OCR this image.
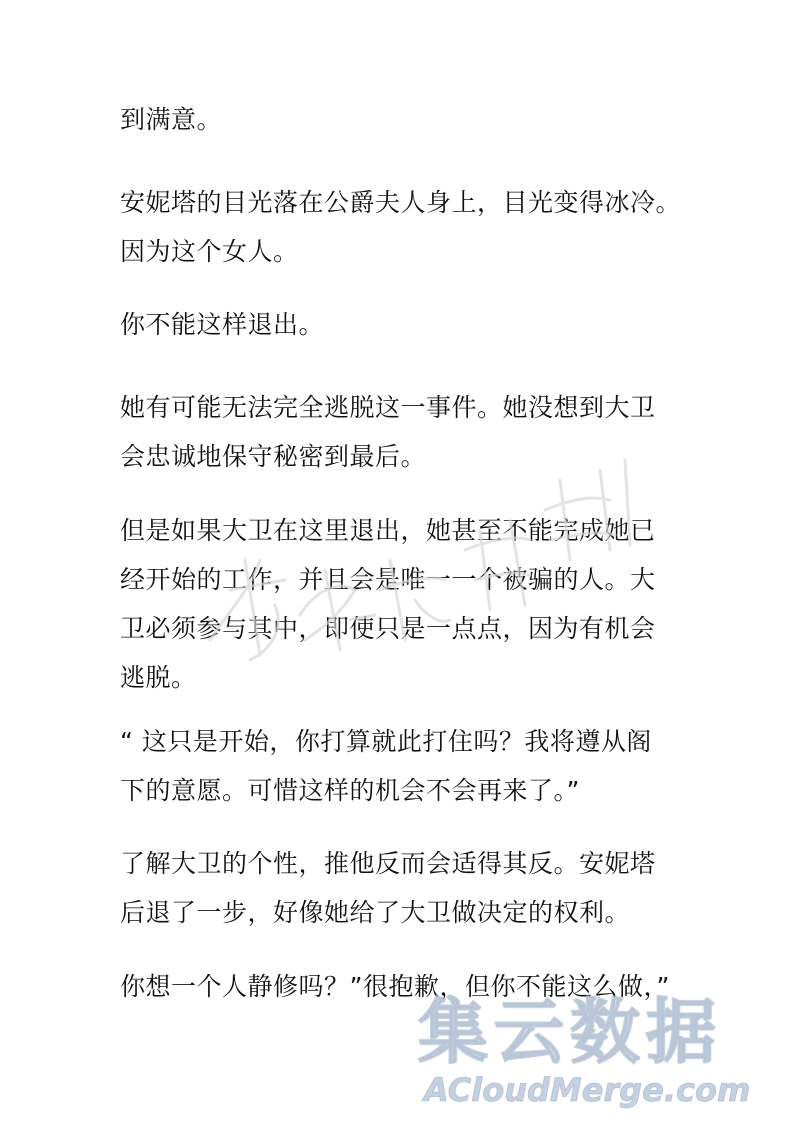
到满意。

安妮塔的目光落在公爵夫人身上，目光变得冰冷。
因为这个女人。

你不能这样退出。

她有可能无法完全逃脱这一事件。她没想到大卫
会忠诚地保守秘密到最后。

但是如果大卫在这里退出，她甚至不能完成她已
经开始的工作，并且会是唯一一个被骗的人。大
卫必须参与其中，即使只是一点点，因为有机会
逃脱。

“ 这只是开始，你打算就此打住吗？我将遵从阁
下的意愿。可惜这样的机会不会再来了。”

了解大卫的个性，推他反而会适得其反。安妮塔
后退了一步，好像她给了大卫做决定的权利。

你想一个人静修吗？”很抱歉，但你不能这么做，”

集云数据
ACloudMerge.com
